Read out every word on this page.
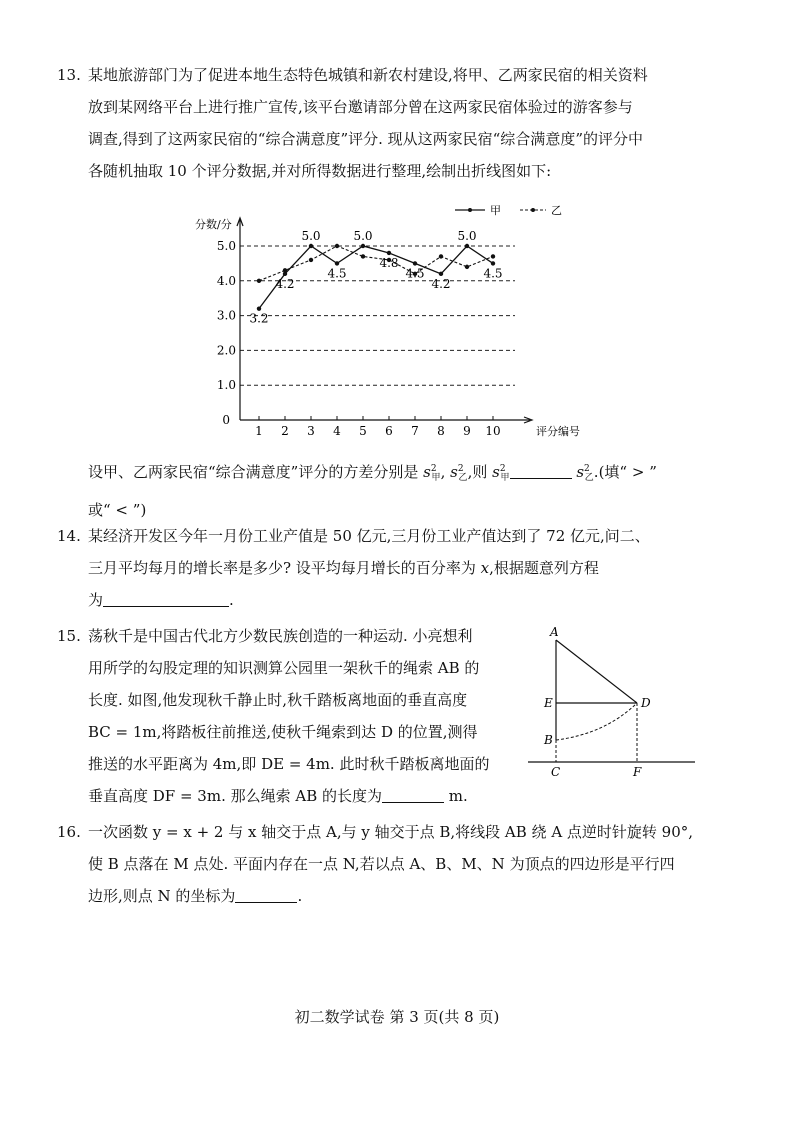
13. 某地旅游部门为了促进本地生态特色城镇和新农村建设,将甲、乙两家民宿的相关资料
放到某网络平台上进行推广宣传,该平台邀请部分曾在这两家民宿体验过的游客参与
调查,得到了这两家民宿的“综合满意度”评分. 现从这两家民宿“综合满意度”的评分中
各随机抽取 10 个评分数据,并对所得数据进行整理,绘制出折线图如下:
1.0
2.0
3.0
4.0
5.0
0
分数/分
评分编号
1 2 3 4 5 6 7 8 9 10
3.2
4.2
5.0
4.5
5.0
4.8
4.5
4.2
5.0
4.5
甲	乙
设甲、乙两家民宿“综合满意度”评分的方差分别是 $s^2_甲$, $s^2_乙$,则 $s^2_甲$	$s^2_乙$.(填“ > ”
或“ < ”)
14. 某经济开发区今年一月份工业产值是 50 亿元,三月份工业产值达到了 72 亿元,问二、
三月平均每月的增长率是多少? 设平均每月增长的百分率为 x,根据题意列方程
为	.
15. 荡秋千是中国古代北方少数民族创造的一种运动. 小亮想利
用所学的勾股定理的知识测算公园里一架秋千的绳索 AB 的
长度. 如图,他发现秋千静止时,秋千踏板离地面的垂直高度
BC = 1m,将踏板往前推送,使秋千绳索到达 D 的位置,测得
推送的水平距离为 4m,即 DE = 4m. 此时秋千踏板离地面的
垂直高度 DF = 3m. 那么绳索 AB 的长度为	m.
A
E	D
B
C	F
16. 一次函数 y = x + 2 与 x 轴交于点 A,与 y 轴交于点 B,将线段 AB 绕 A 点逆时针旋转 90°,
使 B 点落在 M 点处. 平面内存在一点 N,若以点 A、B、M、N 为顶点的四边形是平行四
边形,则点 N 的坐标为	.
初二数学试卷 第 3 页(共 8 页)
